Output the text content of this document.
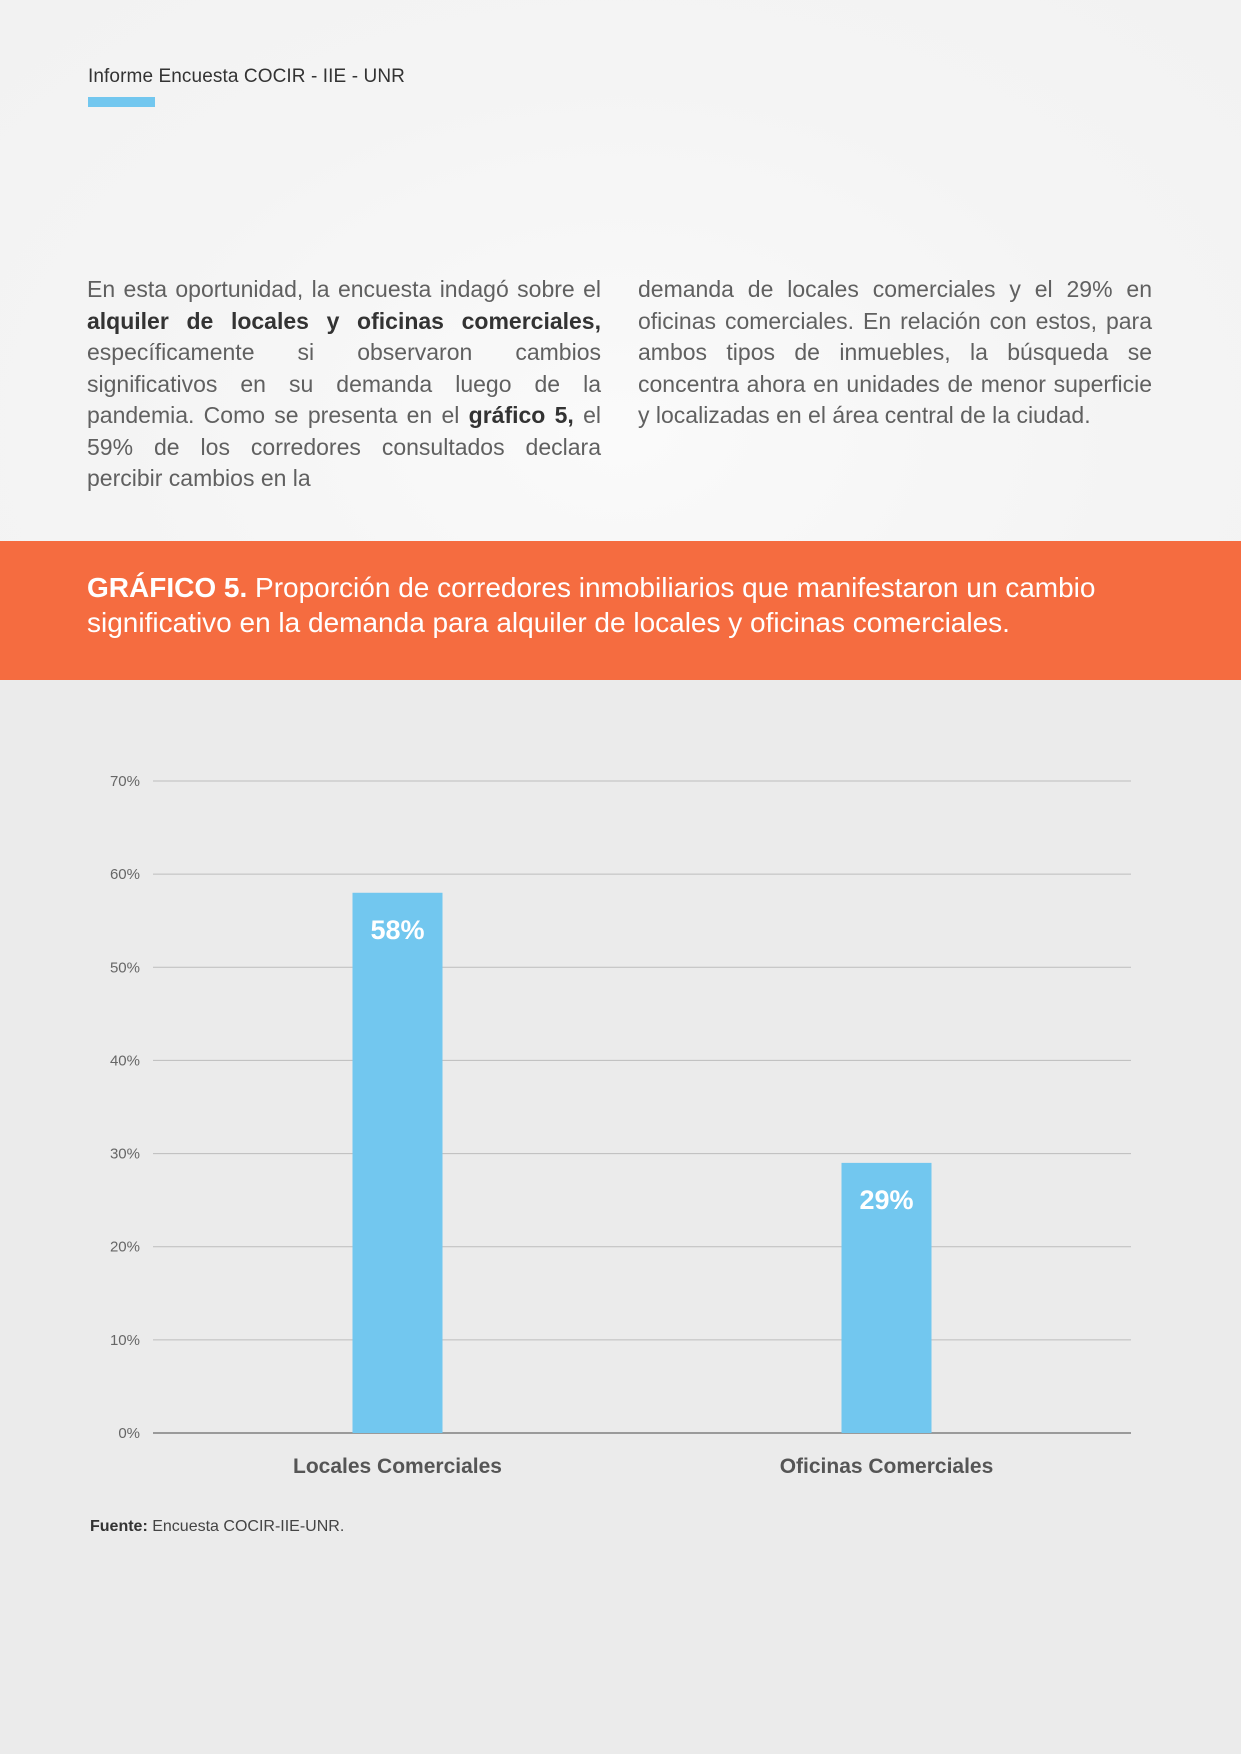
Informe Encuesta COCIR - IIE - UNR
En esta oportunidad, la encuesta indagó sobre el alquiler de locales y oficinas comerciales, específicamente si observaron cambios significativos en su demanda luego de la pandemia. Como se presenta en el gráfico 5, el 59% de los corredores consultados declara percibir cambios en la
demanda de locales comerciales y el 29% en oficinas comerciales. En relación con estos, para ambos tipos de inmuebles, la búsqueda se concentra ahora en unidades de menor superficie y localizadas en el área central de la ciudad.
GRÁFICO 5. Proporción de corredores inmobiliarios que manifestaron un cambio significativo en la demanda para alquiler de locales y oficinas comerciales.
0%
10%
20%
30%
40%
50%
60%
70%
58%
Locales Comerciales
29%
Oficinas Comerciales
Fuente: Encuesta COCIR-IIE-UNR.
